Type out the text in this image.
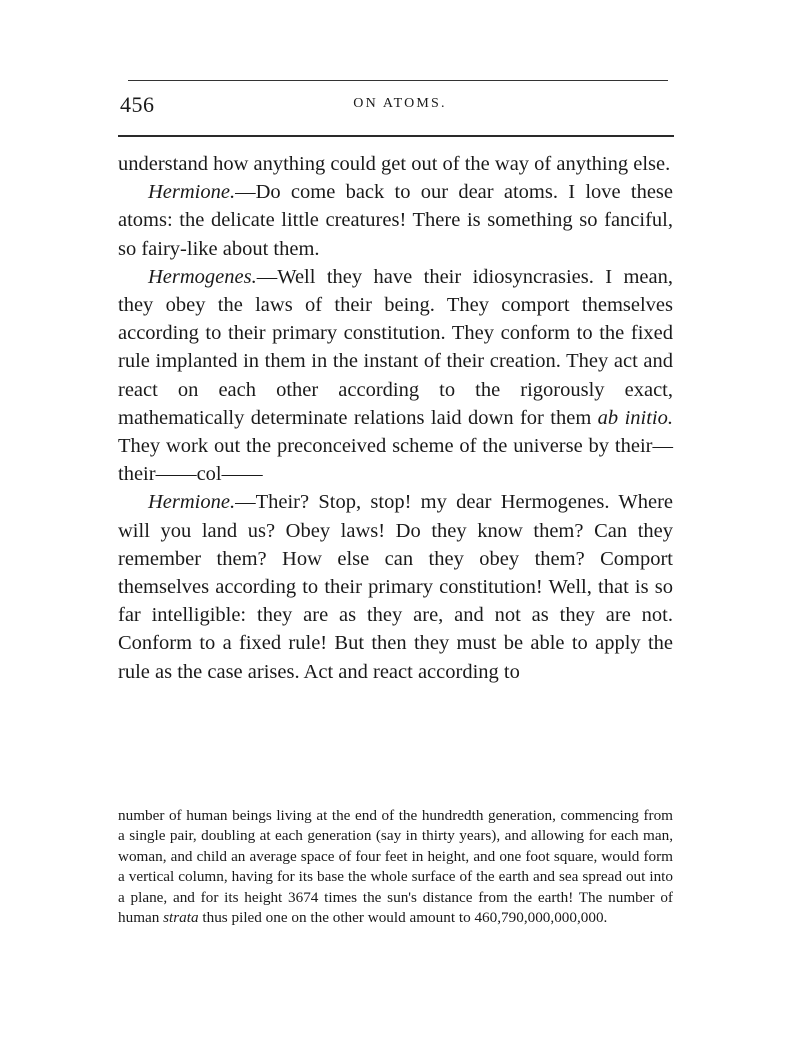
456	ON ATOMS.

understand how anything could get out of the way of anything else.

Hermione.—Do come back to our dear atoms. I love these atoms: the delicate little creatures! There is something so fanciful, so fairy-like about them.

Hermogenes.—Well they have their idiosyncrasies. I mean, they obey the laws of their being. They comport themselves according to their primary constitution. They conform to the fixed rule implanted in them in the instant of their creation. They act and react on each other according to the rigorously exact, mathematically determinate relations laid down for them ab initio. They work out the preconceived scheme of the universe by their—their——col——

Hermione.—Their? Stop, stop! my dear Hermogenes. Where will you land us? Obey laws! Do they know them? Can they remember them? How else can they obey them? Comport themselves according to their primary constitution! Well, that is so far intelligible: they are as they are, and not as they are not. Conform to a fixed rule! But then they must be able to apply the rule as the case arises. Act and react according to

number of human beings living at the end of the hundredth generation, commencing from a single pair, doubling at each generation (say in thirty years), and allowing for each man, woman, and child an average space of four feet in height, and one foot square, would form a vertical column, having for its base the whole surface of the earth and sea spread out into a plane, and for its height 3674 times the sun's distance from the earth! The number of human strata thus piled one on the other would amount to 460,790,000,000,000.
